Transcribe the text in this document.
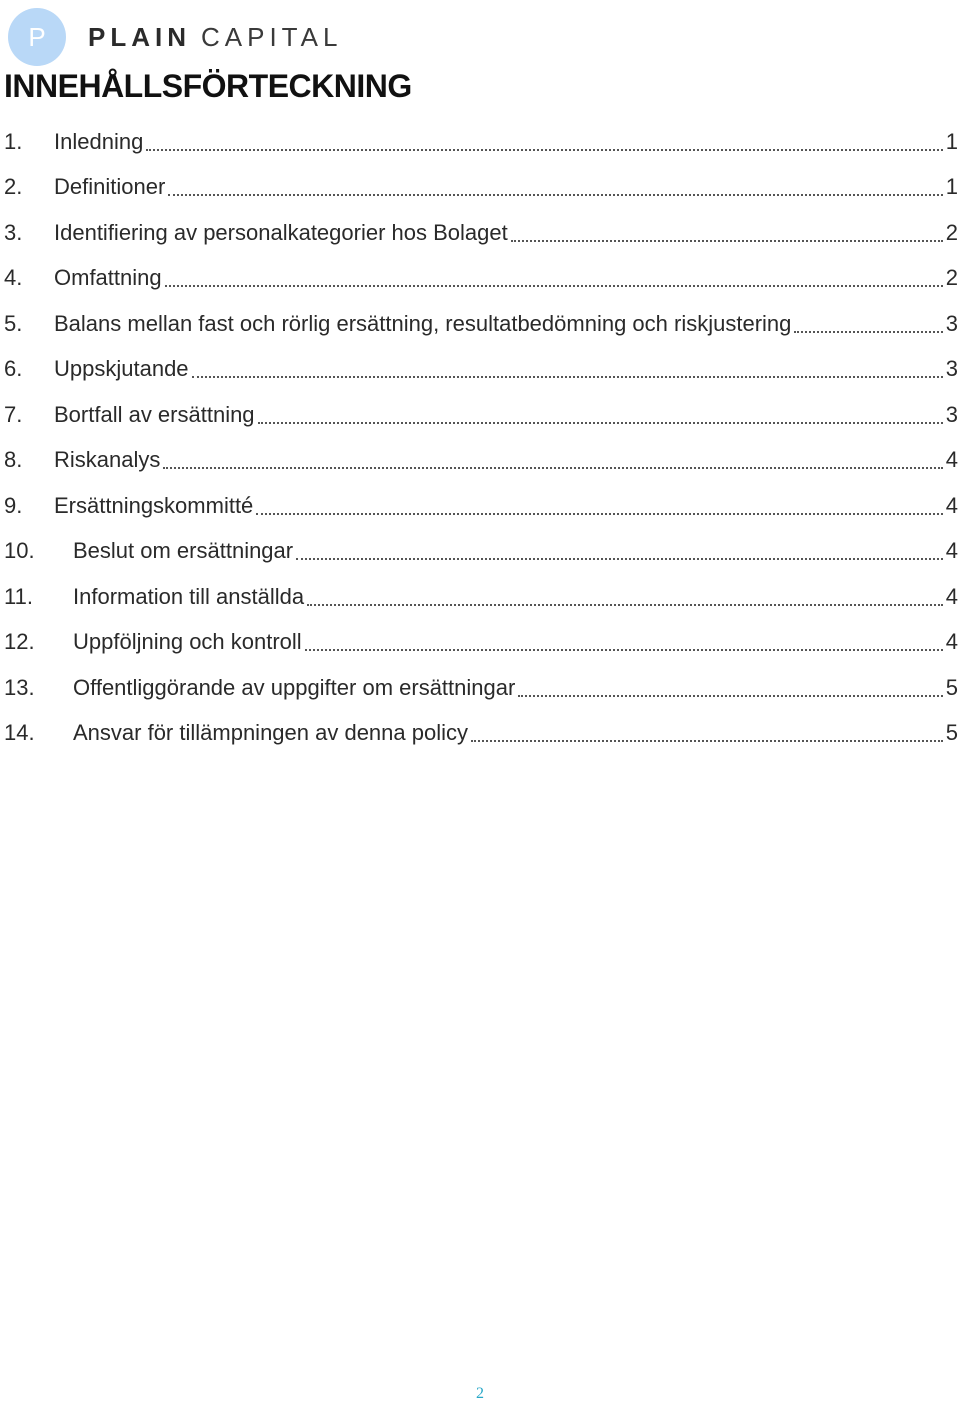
P PLAIN CAPITAL
INNEHÅLLSFÖRTECKNING
1.	Inledning	1
2.	Definitioner	1
3.	Identifiering av personalkategorier hos Bolaget	2
4.	Omfattning	2
5.	Balans mellan fast och rörlig ersättning, resultatbedömning och riskjustering	3
6.	Uppskjutande	3
7.	Bortfall av ersättning	3
8.	Riskanalys	4
9.	Ersättningskommitté	4
10.	Beslut om ersättningar	4
11.	Information till anställda	4
12.	Uppföljning och kontroll	4
13.	Offentliggörande av uppgifter om ersättningar	5
14.	Ansvar för tillämpningen av denna policy	5
2
